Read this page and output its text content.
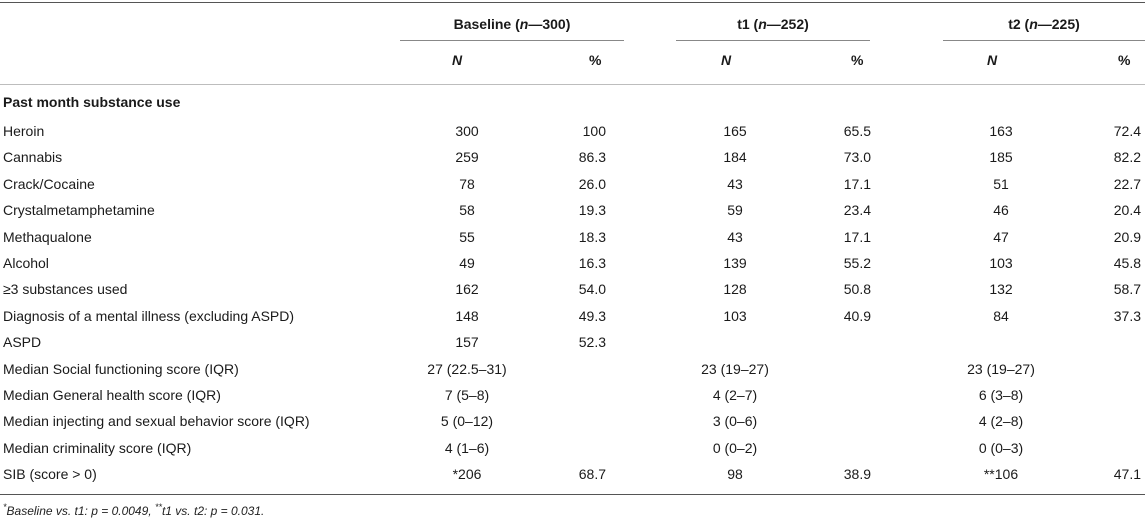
Baseline (n—300)	t1 (n—252)	t2 (n—225)
N	%	N	%	N	%
Past month substance use
Heroin	300	100	165	65.5	163	72.4
Cannabis	259	86.3	184	73.0	185	82.2
Crack/Cocaine	78	26.0	43	17.1	51	22.7
Crystalmetamphetamine	58	19.3	59	23.4	46	20.4
Methaqualone	55	18.3	43	17.1	47	20.9
Alcohol	49	16.3	139	55.2	103	45.8
≥3 substances used	162	54.0	128	50.8	132	58.7
Diagnosis of a mental illness (excluding ASPD)	148	49.3	103	40.9	84	37.3
ASPD	157	52.3
Median Social functioning score (IQR)	27 (22.5–31)	23 (19–27)	23 (19–27)
Median General health score (IQR)	7 (5–8)	4 (2–7)	6 (3–8)
Median injecting and sexual behavior score (IQR)	5 (0–12)	3 (0–6)	4 (2–8)
Median criminality score (IQR)	4 (1–6)	0 (0–2)	0 (0–3)
SIB (score > 0)	*206	68.7	98	38.9	**106	47.1
*Baseline vs. t1: p = 0.0049, **t1 vs. t2: p = 0.031.
